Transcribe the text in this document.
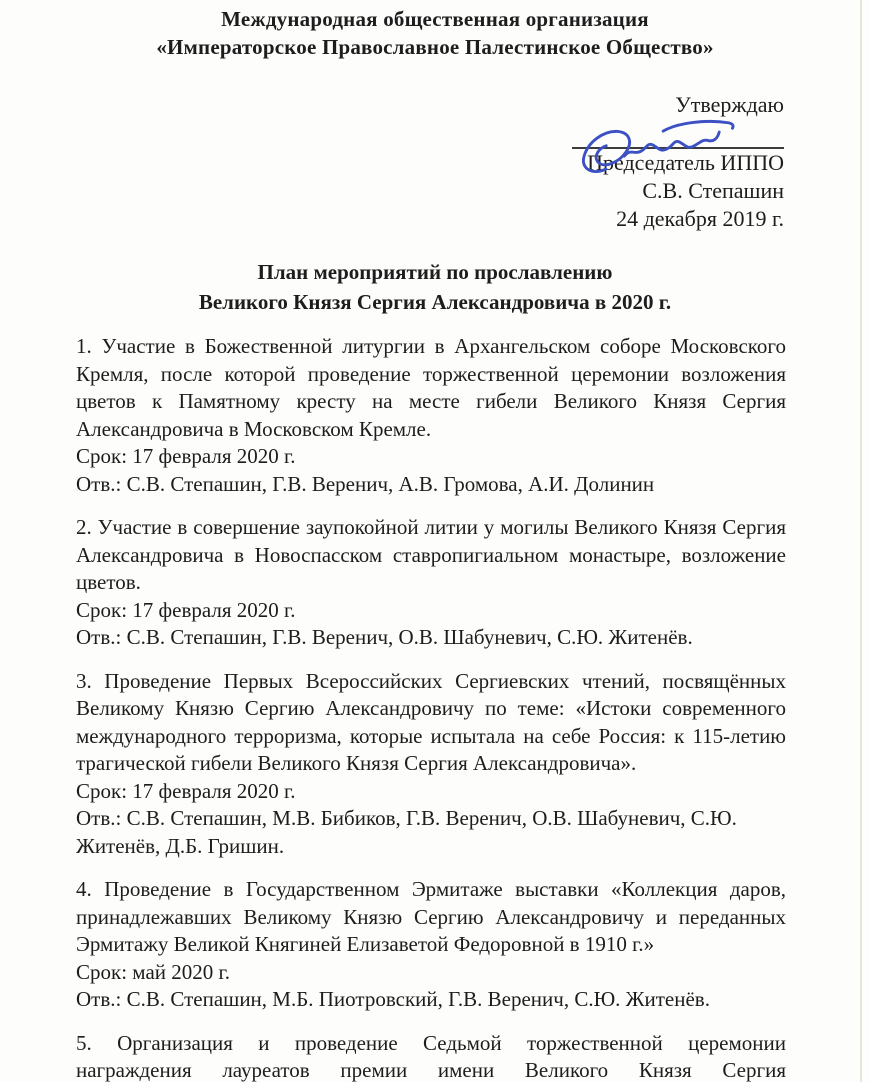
Международная общественная организация
«Императорское Православное Палестинское Общество»
Утверждаю
Председатель ИППО
С.В. Степашин
24 декабря 2019 г.
План мероприятий по прославлению
Великого Князя Сергия Александровича в 2020 г.

1. Участие в Божественной литургии в Архангельском соборе Московского Кремля, после которой проведение торжественной церемонии возложения цветов к Памятному кресту на месте гибели Великого Князя Сергия Александровича в Московском Кремле.

Срок: 17 февраля 2020 г.
Отв.: С.В. Степашин, Г.В. Веренич, А.В. Громова, А.И. Долинин

2. Участие в совершение заупокойной литии у могилы Великого Князя Сергия Александровича в Новоспасском ставропигиальном монастыре, возложение цветов.

Срок: 17 февраля 2020 г.
Отв.: С.В. Степашин, Г.В. Веренич, О.В. Шабуневич, С.Ю. Житенёв.

3. Проведение Первых Всероссийских Сергиевских чтений, посвящённых Великому Князю Сергию Александровичу по теме: «Истоки современного международного терроризма, которые испытала на себе Россия: к 115-летию трагической гибели Великого Князя Сергия Александровича».

Срок: 17 февраля 2020 г.
Отв.: С.В. Степашин, М.В. Бибиков, Г.В. Веренич, О.В. Шабуневич, С.Ю. Житенёв, Д.Б. Гришин.

4. Проведение в Государственном Эрмитаже выставки «Коллекция даров, принадлежавших Великому Князю Сергию Александровичу и переданных Эрмитажу Великой Княгиней Елизаветой Федоровной в 1910 г.»

Срок: май 2020 г.
Отв.: С.В. Степашин, М.Б. Пиотровский, Г.В. Веренич, С.Ю. Житенёв.

5. Организация и проведение Седьмой торжественной церемонии награждения лауреатов премии имени Великого Князя Сергия
